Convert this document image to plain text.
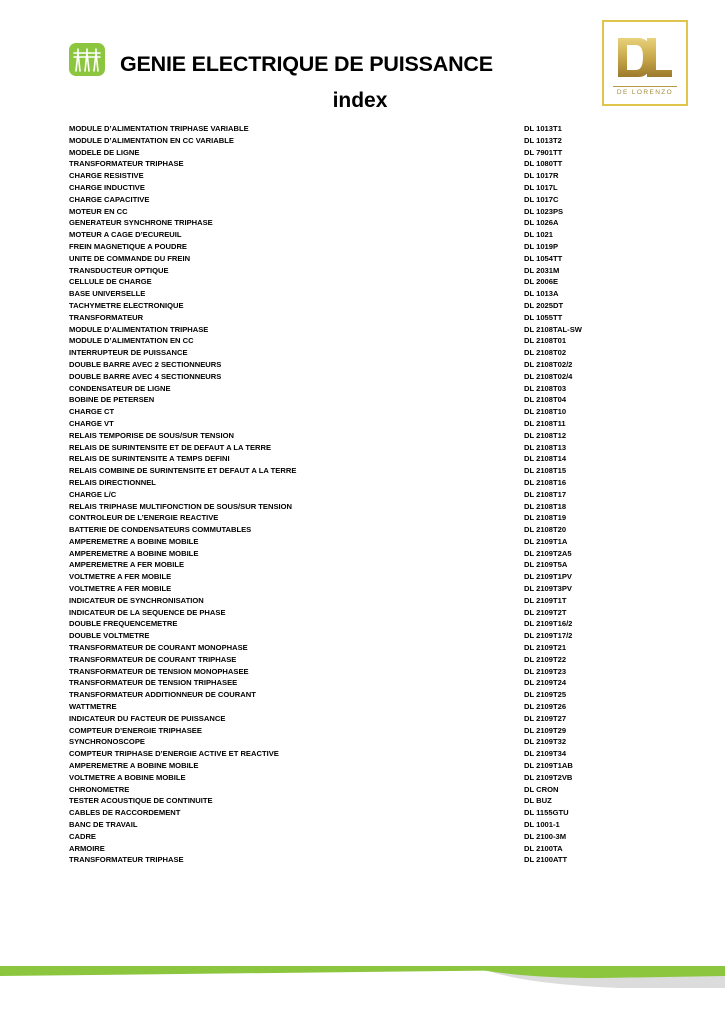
GENIE ELECTRIQUE DE PUISSANCE
index	DE LORENZO
MODULE D’ALIMENTATION TRIPHASE VARIABLE	DL 1013T1
MODULE D’ALIMENTATION EN CC VARIABLE	DL 1013T2
MODELE DE LIGNE	DL 7901TT
TRANSFORMATEUR TRIPHASE	DL 1080TT
CHARGE RESISTIVE	DL 1017R
CHARGE INDUCTIVE	DL 1017L
CHARGE CAPACITIVE	DL 1017C
MOTEUR EN CC	DL 1023PS
GENERATEUR SYNCHRONE TRIPHASE	DL 1026A
MOTEUR A CAGE D’ECUREUIL	DL 1021
FREIN MAGNETIQUE A POUDRE	DL 1019P
UNITE DE COMMANDE DU FREIN	DL 1054TT
TRANSDUCTEUR OPTIQUE	DL 2031M
CELLULE DE CHARGE	DL 2006E
BASE UNIVERSELLE	DL 1013A
TACHYMETRE ELECTRONIQUE	DL 2025DT
TRANSFORMATEUR	DL 1055TT
MODULE D’ALIMENTATION TRIPHASE	DL 2108TAL-SW
MODULE D’ALIMENTATION EN CC	DL 2108T01
INTERRUPTEUR DE PUISSANCE	DL 2108T02
DOUBLE BARRE AVEC 2 SECTIONNEURS	DL 2108T02/2
DOUBLE BARRE AVEC 4 SECTIONNEURS	DL 2108T02/4
CONDENSATEUR DE LIGNE	DL 2108T03
BOBINE DE PETERSEN	DL 2108T04
CHARGE CT	DL 2108T10
CHARGE VT	DL 2108T11
RELAIS TEMPORISE DE SOUS/SUR TENSION	DL 2108T12
RELAIS DE SURINTENSITE ET DE DEFAUT A LA TERRE	DL 2108T13
RELAIS DE SURINTENSITE A TEMPS DEFINI	DL 2108T14
RELAIS COMBINE DE SURINTENSITE ET DEFAUT A LA TERRE	DL 2108T15
RELAIS DIRECTIONNEL	DL 2108T16
CHARGE L/C	DL 2108T17
RELAIS TRIPHASE MULTIFONCTION DE SOUS/SUR TENSION	DL 2108T18
CONTROLEUR DE L’ENERGIE REACTIVE	DL 2108T19
BATTERIE DE CONDENSATEURS COMMUTABLES	DL 2108T20
AMPEREMETRE A BOBINE MOBILE	DL 2109T1A
AMPEREMETRE A BOBINE MOBILE	DL 2109T2A5
AMPEREMETRE A FER MOBILE	DL 2109T5A
VOLTMETRE A FER MOBILE	DL 2109T1PV
VOLTMETRE A FER MOBILE	DL 2109T3PV
INDICATEUR DE SYNCHRONISATION	DL 2109T1T
INDICATEUR DE LA SEQUENCE DE PHASE	DL 2109T2T
DOUBLE FREQUENCEMETRE	DL 2109T16/2
DOUBLE VOLTMETRE	DL 2109T17/2
TRANSFORMATEUR DE COURANT MONOPHASE	DL 2109T21
TRANSFORMATEUR DE COURANT TRIPHASE	DL 2109T22
TRANSFORMATEUR DE TENSION MONOPHASEE	DL 2109T23
TRANSFORMATEUR DE TENSION TRIPHASEE	DL 2109T24
TRANSFORMATEUR ADDITIONNEUR DE COURANT	DL 2109T25
WATTMETRE	DL 2109T26
INDICATEUR DU FACTEUR DE PUISSANCE	DL 2109T27
COMPTEUR D’ENERGIE TRIPHASEE	DL 2109T29
SYNCHRONOSCOPE	DL 2109T32
COMPTEUR TRIPHASE D’ENERGIE ACTIVE ET REACTIVE	DL 2109T34
AMPEREMETRE A BOBINE MOBILE	DL 2109T1AB
VOLTMETRE A BOBINE MOBILE	DL 2109T2VB
CHRONOMETRE	DL CRON
TESTER ACOUSTIQUE DE CONTINUITE	DL BUZ
CABLES DE RACCORDEMENT	DL 1155GTU
BANC DE TRAVAIL	DL 1001-1
CADRE	DL 2100-3M
ARMOIRE	DL 2100TA
TRANSFORMATEUR TRIPHASE	DL 2100ATT
